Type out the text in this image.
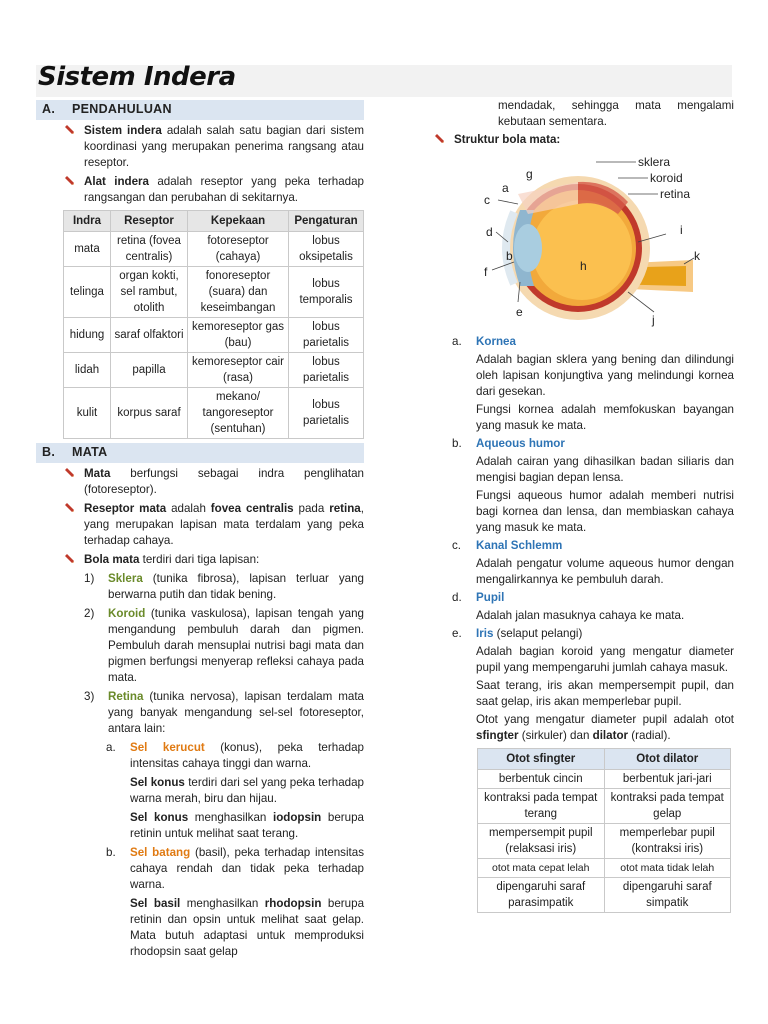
Sistem Indera
A. PENDAHULUAN

Sistem indera adalah salah satu bagian dari sistem koordinasi yang merupakan penerima rangsang atau reseptor.

Alat indera adalah reseptor yang peka terhadap rangsangan dan perubahan di sekitarnya.

Indra	Reseptor	Kepekaan	Pengaturan
mata	retina (fovea centralis)	fotoreseptor (cahaya)	lobus oksipetalis
telinga	organ kokti, sel rambut, otolith	fonoreseptor (suara) dan keseimbangan	lobus temporalis
hidung	saraf olfaktori	kemoreseptor gas (bau)	lobus parietalis
lidah	papilla	kemoreseptor cair (rasa)	lobus parietalis
kulit	korpus saraf	mekano/ tangoreseptor (sentuhan)	lobus parietalis
B. MATA

Mata berfungsi sebagai indra penglihatan (fotoreseptor).

Reseptor mata adalah fovea centralis pada retina, yang merupakan lapisan mata terdalam yang peka terhadap cahaya.

Bola mata terdiri dari tiga lapisan:

1) Sklera (tunika fibrosa), lapisan terluar yang berwarna putih dan tidak bening.

2) Koroid (tunika vaskulosa), lapisan tengah yang mengandung pembuluh darah dan pigmen. Pembuluh darah mensuplai nutrisi bagi mata dan pigmen berfungsi menyerap refleksi cahaya pada mata.

3) Retina (tunika nervosa), lapisan terdalam mata yang banyak mengandung sel-sel fotoreseptor, antara lain:

a. Sel kerucut (konus), peka terhadap intensitas cahaya tinggi dan warna.

Sel konus terdiri dari sel yang peka terhadap warna merah, biru dan hijau.

Sel konus menghasilkan iodopsin berupa retinin untuk melihat saat terang.

b. Sel batang (basil), peka terhadap intensitas cahaya rendah dan tidak peka terhadap warna.

Sel basil menghasilkan rhodopsin berupa retinin dan opsin untuk melihat saat gelap. Mata butuh adaptasi untuk memproduksi rhodopsin saat gelap

mendadak, sehingga mata mengalami kebutaan sementara.

Struktur bola mata:

a. Kornea

Adalah bagian sklera yang bening dan dilindungi oleh lapisan konjungtiva yang melindungi kornea dari gesekan.

Fungsi kornea adalah memfokuskan bayangan yang masuk ke mata.

b. Aqueous humor

Adalah cairan yang dihasilkan badan siliaris dan mengisi bagian depan lensa.

Fungsi aqueous humor adalah memberi nutrisi bagi kornea dan lensa, dan membiaskan cahaya yang masuk ke mata.

c. Kanal Schlemm

Adalah pengatur volume aqueous humor dengan mengalirkannya ke pembuluh darah.

d. Pupil

Adalah jalan masuknya cahaya ke mata.

e. Iris (selaput pelangi)

Adalah bagian koroid yang mengatur diameter pupil yang mempengaruhi jumlah cahaya masuk.

Saat terang, iris akan mempersempit pupil, dan saat gelap, iris akan memperlebar pupil.

Otot yang mengatur diameter pupil adalah otot sfingter (sirkuler) dan dilator (radial).

Otot sfingter	Otot dilator
berbentuk cincin	berbentuk jari-jari
kontraksi pada tempat terang	kontraksi pada tempat gelap
mempersempit pupil (relaksasi iris)	memperlebar pupil (kontraksi iris)
otot mata cepat lelah	otot mata tidak lelah
dipengaruhi saraf parasimpatik	dipengaruhi saraf simpatik
sklera
koroid
retina
a
b
c
d
e
f
g
h
i
j
k
